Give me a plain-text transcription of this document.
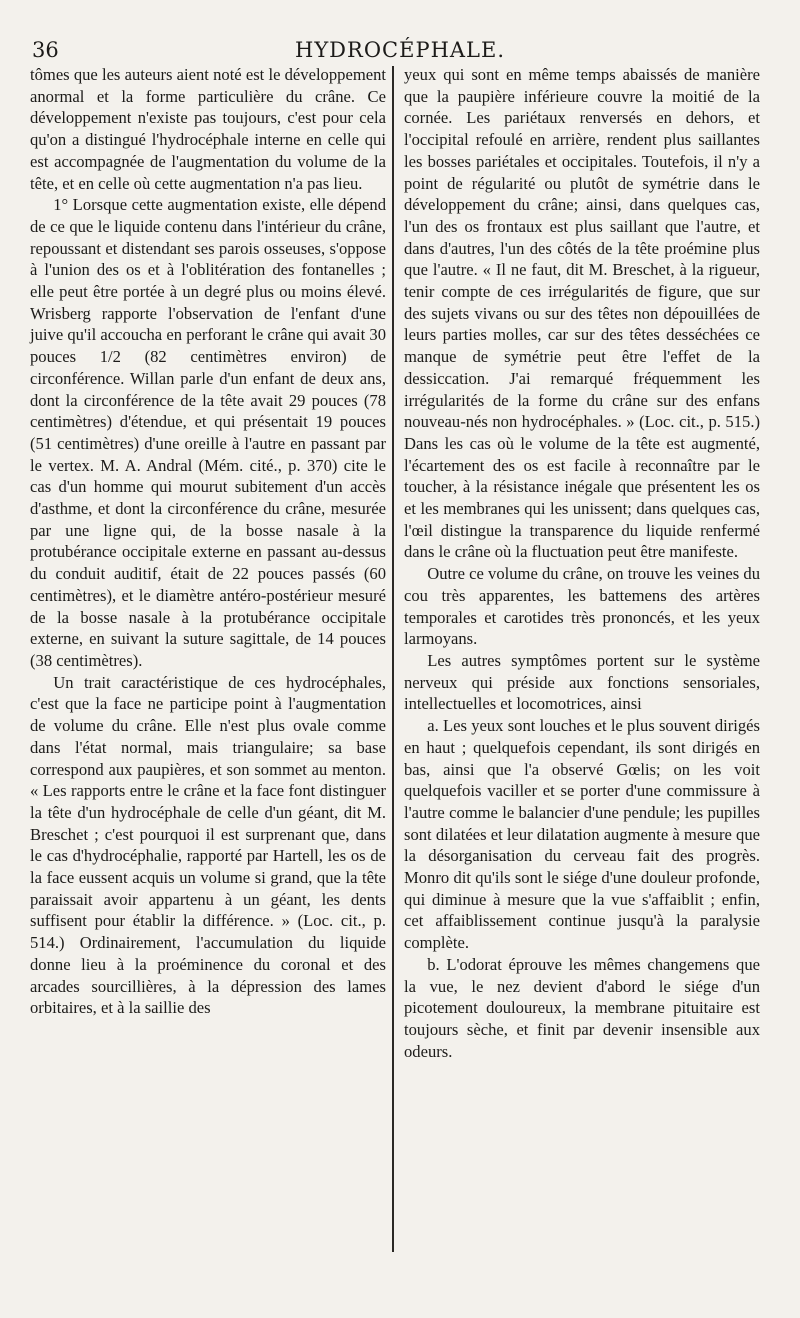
36	HYDROCÉPHALE.

tômes que les auteurs aient noté est le développement anormal et la forme particulière du crâne. Ce développement n'existe pas toujours, c'est pour cela qu'on a distingué l'hydrocéphale interne en celle qui est accompagnée de l'augmentation du volume de la tête, et en celle où cette augmentation n'a pas lieu.

1° Lorsque cette augmentation existe, elle dépend de ce que le liquide contenu dans l'intérieur du crâne, repoussant et distendant ses parois osseuses, s'oppose à l'union des os et à l'oblitération des fontanelles ; elle peut être portée à un degré plus ou moins élevé. Wrisberg rapporte l'observation de l'enfant d'une juive qu'il accoucha en perforant le crâne qui avait 30 pouces 1/2 (82 centimètres environ) de circonférence. Willan parle d'un enfant de deux ans, dont la circonférence de la tête avait 29 pouces (78 centimètres) d'étendue, et qui présentait 19 pouces (51 centimètres) d'une oreille à l'autre en passant par le vertex. M. A. Andral (Mém. cité., p. 370) cite le cas d'un homme qui mourut subitement d'un accès d'asthme, et dont la circonférence du crâne, mesurée par une ligne qui, de la bosse nasale à la protubérance occipitale externe en passant au-dessus du conduit auditif, était de 22 pouces passés (60 centimètres), et le diamètre antéro-postérieur mesuré de la bosse nasale à la protubérance occipitale externe, en suivant la suture sagittale, de 14 pouces (38 centimètres).

Un trait caractéristique de ces hydrocéphales, c'est que la face ne participe point à l'augmentation de volume du crâne. Elle n'est plus ovale comme dans l'état normal, mais triangulaire; sa base correspond aux paupières, et son sommet au menton. « Les rapports entre le crâne et la face font distinguer la tête d'un hydrocéphale de celle d'un géant, dit M. Breschet ; c'est pourquoi il est surprenant que, dans le cas d'hydrocéphalie, rapporté par Hartell, les os de la face eussent acquis un volume si grand, que la tête paraissait avoir appartenu à un géant, les dents suffisent pour établir la différence. » (Loc. cit., p. 514.) Ordinairement, l'accumulation du liquide donne lieu à la proéminence du coronal et des arcades sourcillières, à la dépression des lames orbitaires, et à la saillie des

yeux qui sont en même temps abaissés de manière que la paupière inférieure couvre la moitié de la cornée. Les pariétaux renversés en dehors, et l'occipital refoulé en arrière, rendent plus saillantes les bosses pariétales et occipitales. Toutefois, il n'y a point de régularité ou plutôt de symétrie dans le développement du crâne; ainsi, dans quelques cas, l'un des os frontaux est plus saillant que l'autre, et dans d'autres, l'un des côtés de la tête proémine plus que l'autre. « Il ne faut, dit M. Breschet, à la rigueur, tenir compte de ces irrégularités de figure, que sur des sujets vivans ou sur des têtes non dépouillées de leurs parties molles, car sur des têtes desséchées ce manque de symétrie peut être l'effet de la dessiccation. J'ai remarqué fréquemment les irrégularités de la forme du crâne sur des enfans nouveau-nés non hydrocéphales. » (Loc. cit., p. 515.) Dans les cas où le volume de la tête est augmenté, l'écartement des os est facile à reconnaître par le toucher, à la résistance inégale que présentent les os et les membranes qui les unissent; dans quelques cas, l'œil distingue la transparence du liquide renfermé dans le crâne où la fluctuation peut être manifeste.

Outre ce volume du crâne, on trouve les veines du cou très apparentes, les battemens des artères temporales et carotides très prononcés, et les yeux larmoyans.

Les autres symptômes portent sur le système nerveux qui préside aux fonctions sensoriales, intellectuelles et locomotrices, ainsi

a. Les yeux sont louches et le plus souvent dirigés en haut ; quelquefois cependant, ils sont dirigés en bas, ainsi que l'a observé Gœlis; on les voit quelquefois vaciller et se porter d'une commissure à l'autre comme le balancier d'une pendule; les pupilles sont dilatées et leur dilatation augmente à mesure que la désorganisation du cerveau fait des progrès. Monro dit qu'ils sont le siége d'une douleur profonde, qui diminue à mesure que la vue s'affaiblit ; enfin, cet affaiblissement continue jusqu'à la paralysie complète.

b. L'odorat éprouve les mêmes changemens que la vue, le nez devient d'abord le siége d'un picotement douloureux, la membrane pituitaire est toujours sèche, et finit par devenir insensible aux odeurs.
